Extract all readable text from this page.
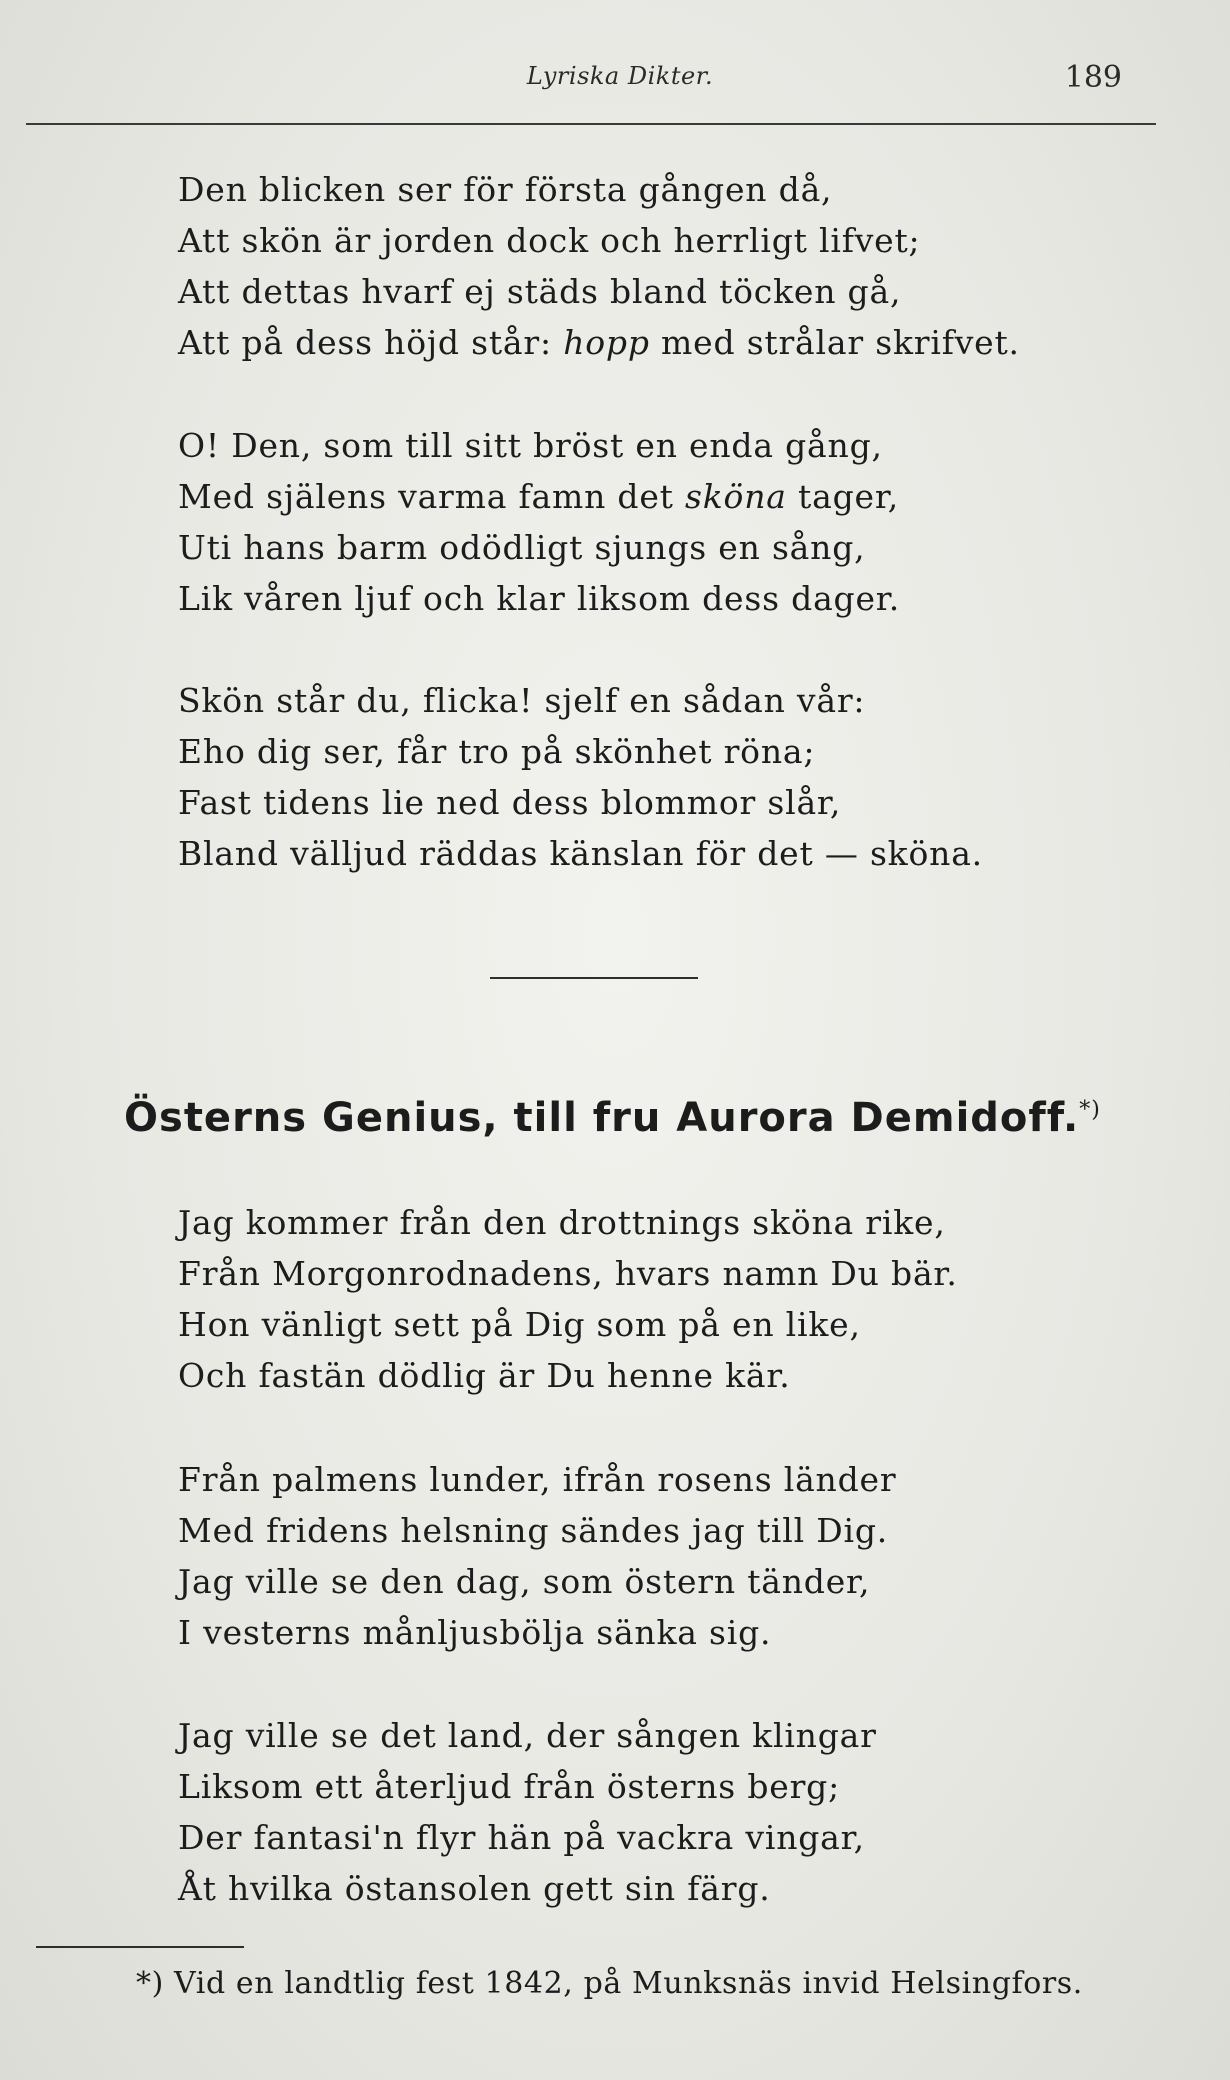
Lyriska Dikter.	189
Den blicken ser för första gången då,
Att skön är jorden dock och herrligt lifvet;
Att dettas hvarf ej städs bland töcken gå,
Att på dess höjd står: hopp med strålar skrifvet.
O! Den, som till sitt bröst en enda gång,
Med själens varma famn det sköna tager,
Uti hans barm odödligt sjungs en sång,
Lik våren ljuf och klar liksom dess dager.
Skön står du, flicka! sjelf en sådan vår:
Eho dig ser, får tro på skönhet röna;
Fast tidens lie ned dess blommor slår,
Bland välljud räddas känslan för det — sköna.
Österns Genius, till fru Aurora Demidoff.*)
Jag kommer från den drottnings sköna rike,
Från Morgonrodnadens, hvars namn Du bär.
Hon vänligt sett på Dig som på en like,
Och fastän dödlig är Du henne kär.
Från palmens lunder, ifrån rosens länder
Med fridens helsning sändes jag till Dig.
Jag ville se den dag, som östern tänder,
I vesterns månljusbölja sänka sig.
Jag ville se det land, der sången klingar
Liksom ett återljud från österns berg;
Der fantasi'n flyr hän på vackra vingar,
Åt hvilka östansolen gett sin färg.
*) Vid en landtlig fest 1842, på Munksnäs invid Helsingfors.
